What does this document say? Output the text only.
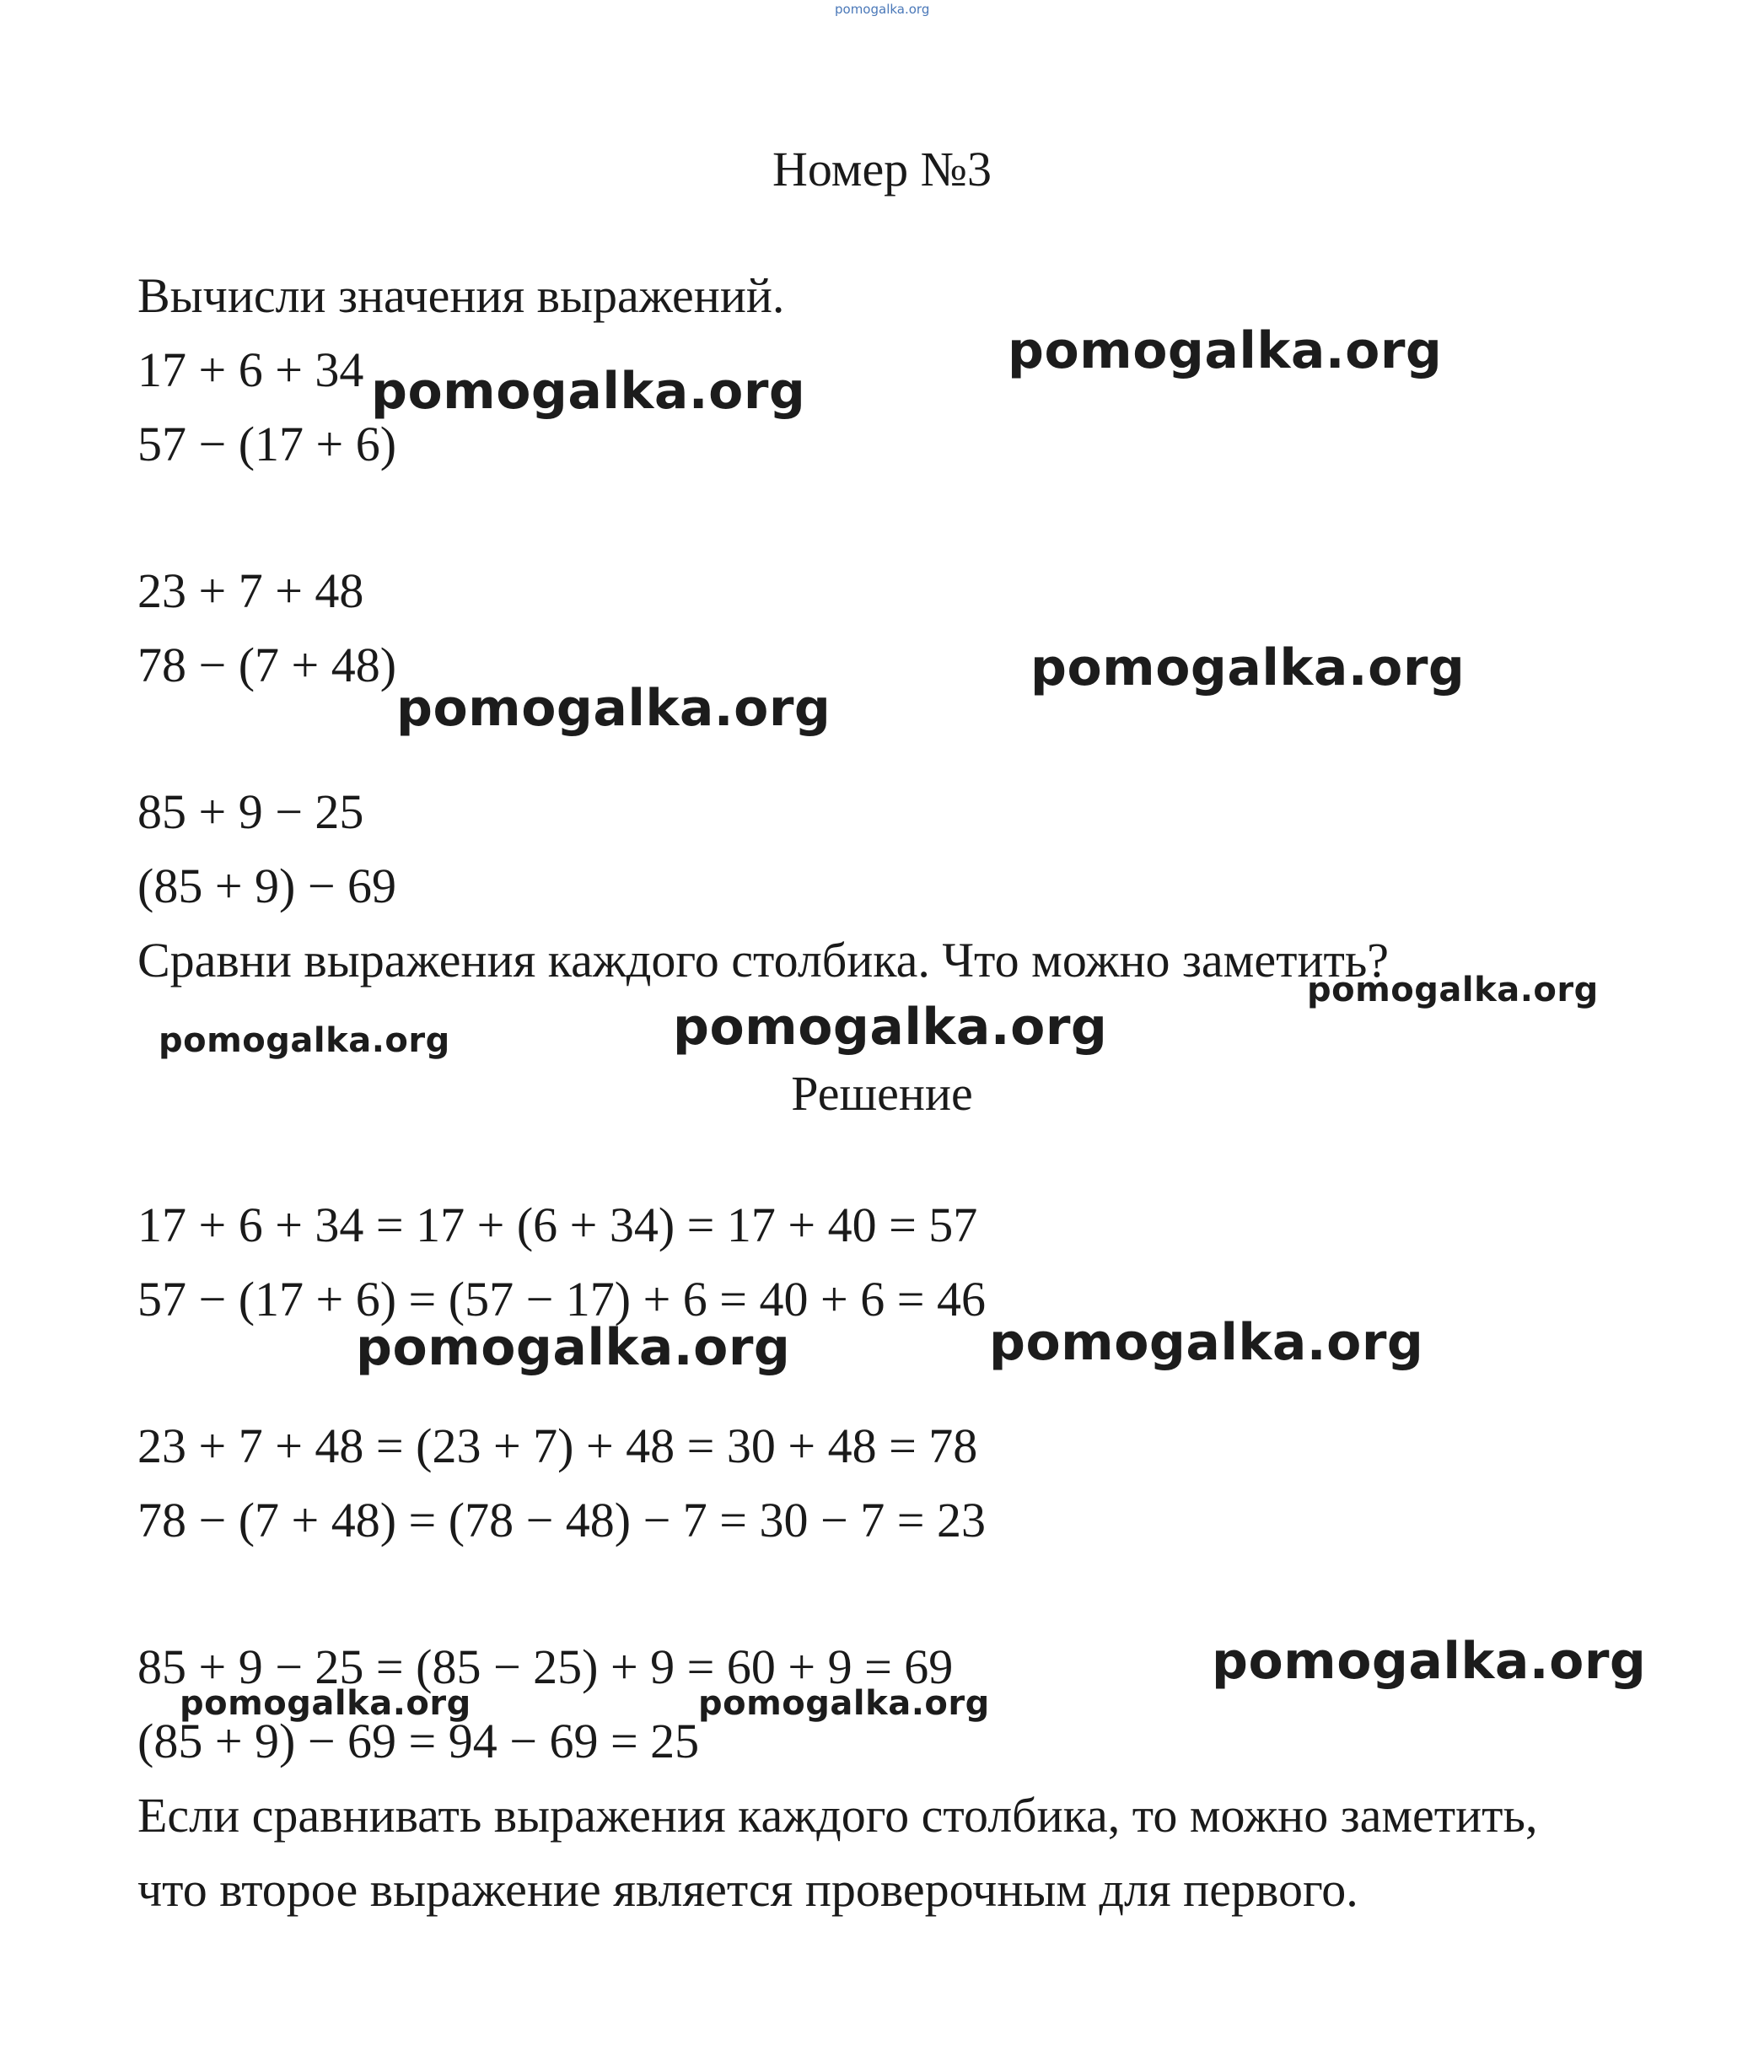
pomogalka.org
Номер №3
Вычисли значения выражений.
17 + 6 + 34
57 − (17 + 6)
23 + 7 + 48
78 − (7 + 48)
85 + 9 − 25
(85 + 9) − 69
Сравни выражения каждого столбика. Что можно заметить?
Решение
17 + 6 + 34 = 17 + (6 + 34) = 17 + 40 = 57
57 − (17 + 6) = (57 − 17) + 6 = 40 + 6 = 46
23 + 7 + 48 = (23 + 7) + 48 = 30 + 48 = 78
78 − (7 + 48) = (78 − 48) − 7 = 30 − 7 = 23
85 + 9 − 25 = (85 − 25) + 9 = 60 + 9 = 69
(85 + 9) − 69 = 94 − 69 = 25
Если сравнивать выражения каждого столбика, то можно заметить,
что второе выражение является проверочным для первого.
pomogalka.org
pomogalka.org
pomogalka.org
pomogalka.org
pomogalka.org
pomogalka.org
pomogalka.org
pomogalka.org	pomogalka.org
pomogalka.org
pomogalka.org	pomogalka.org
